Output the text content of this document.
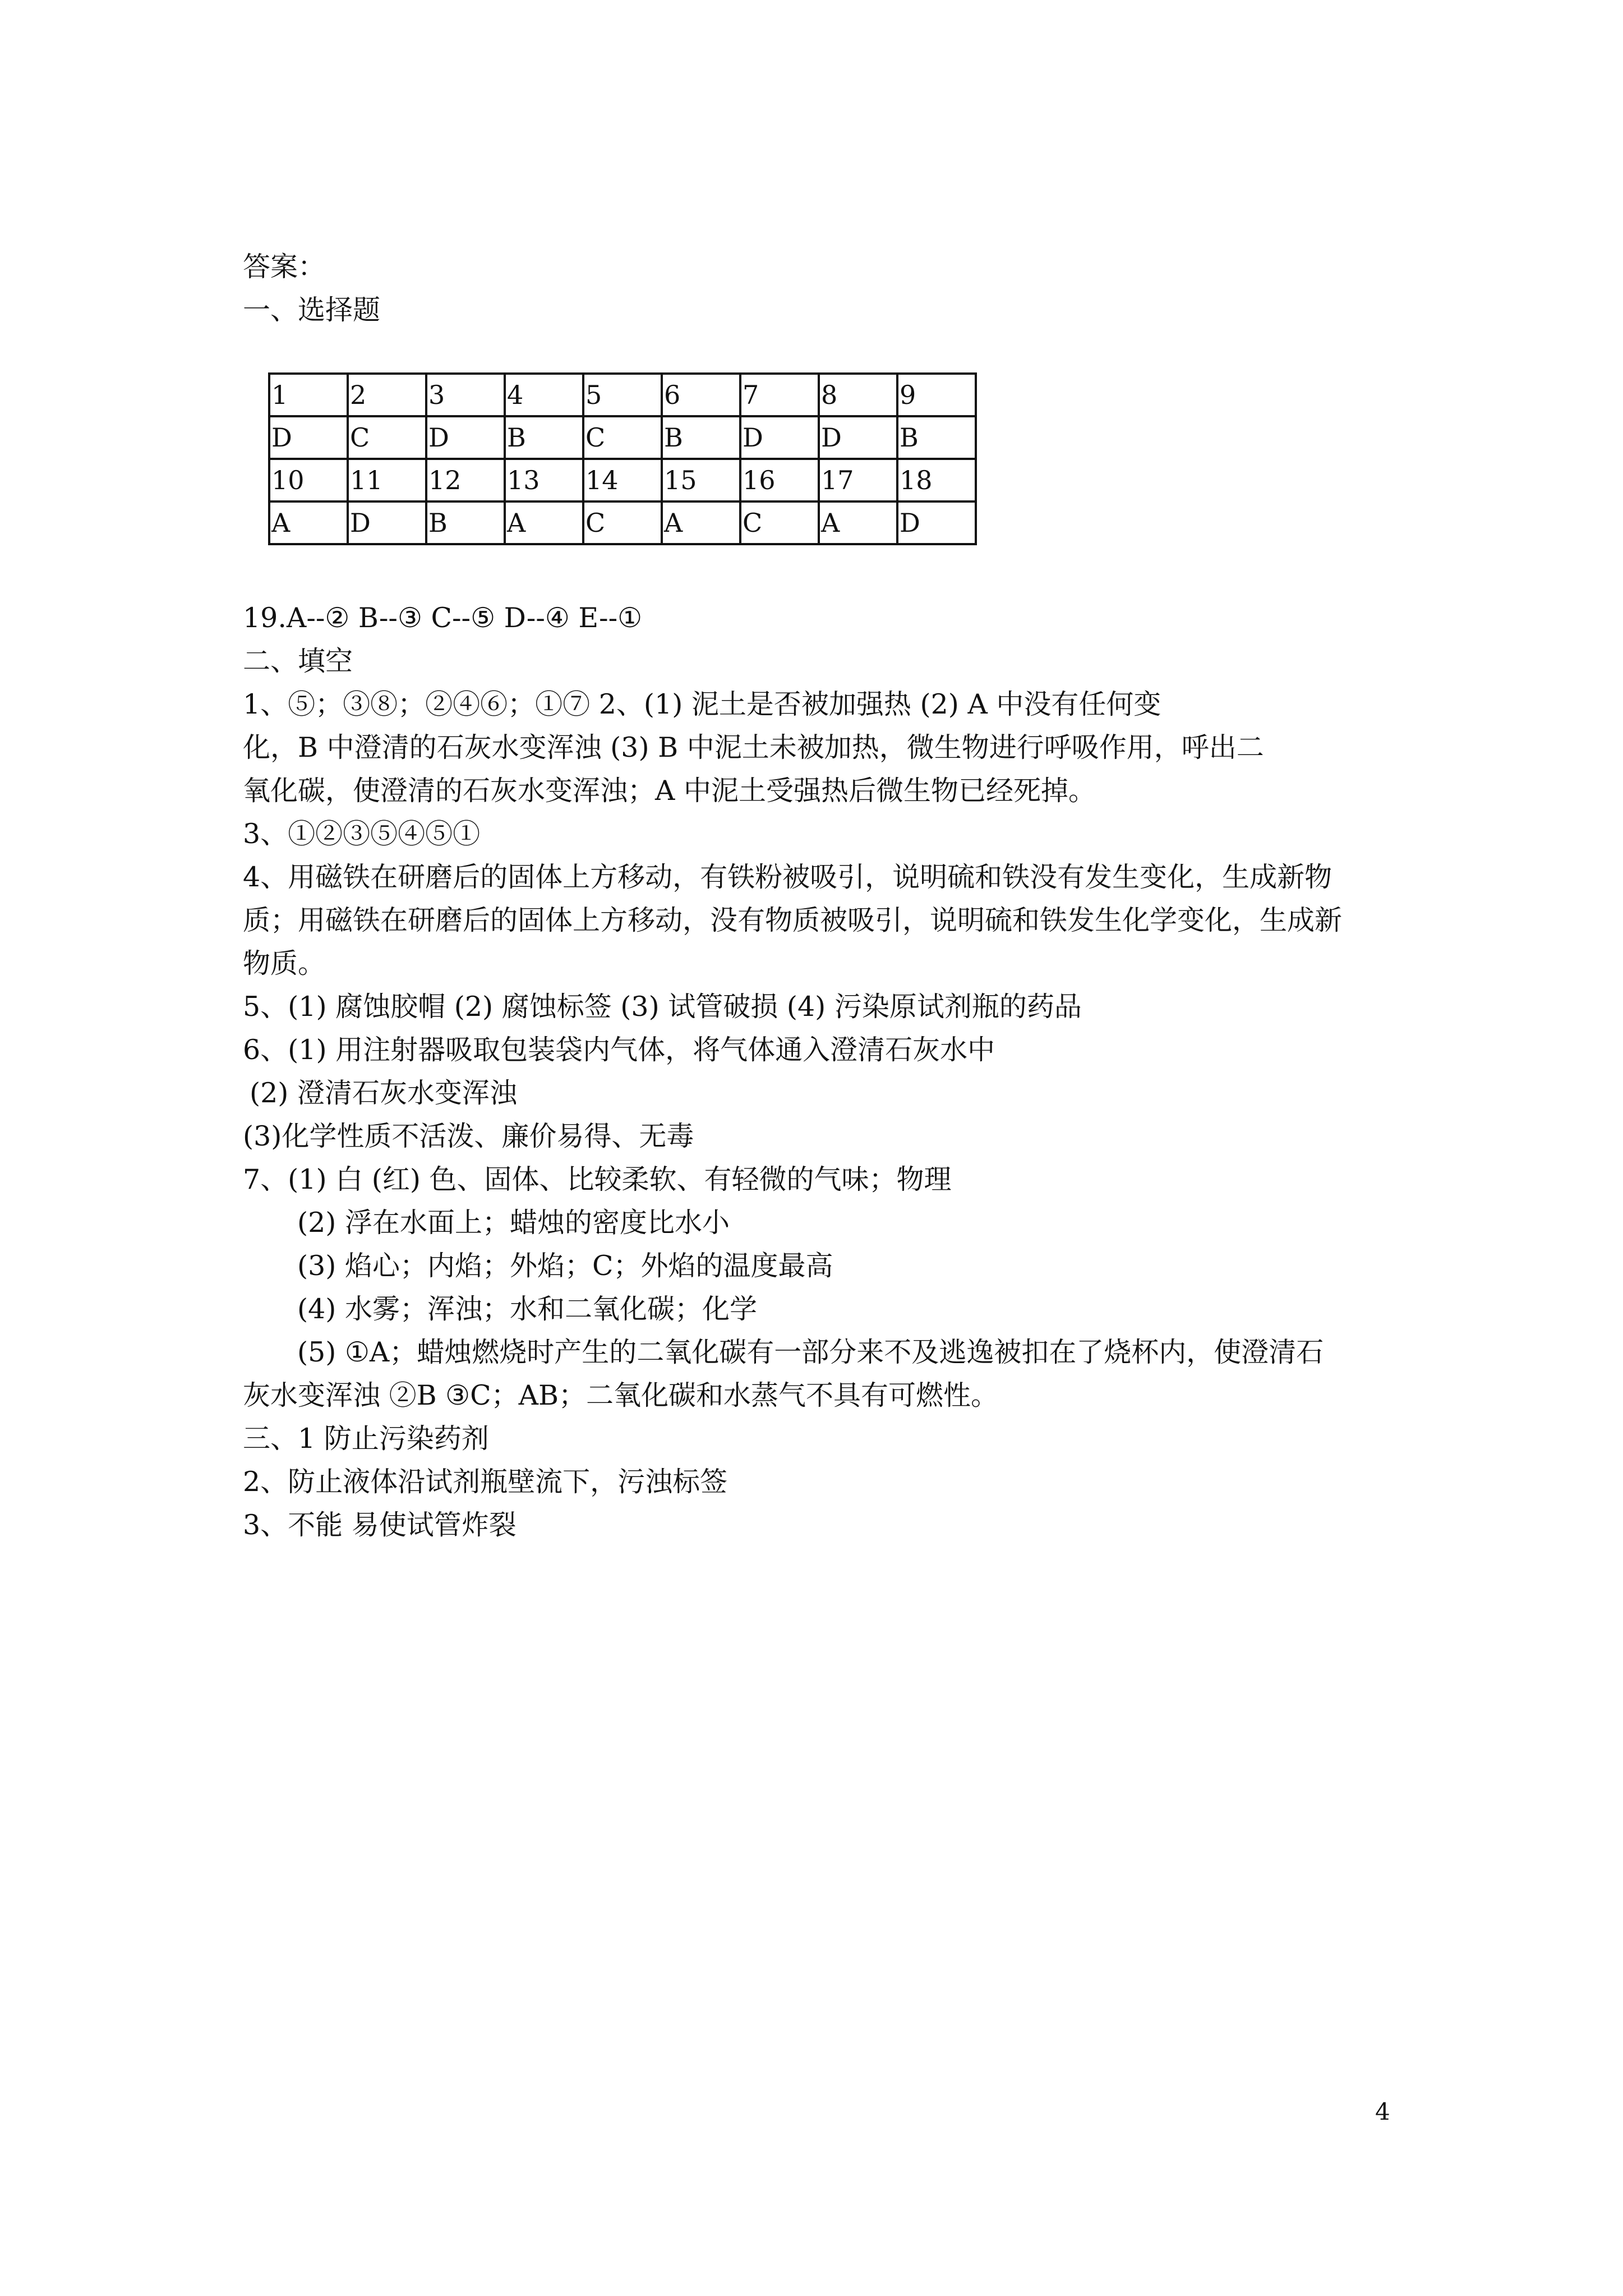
答案：
一、选择题
1	2	3	4	5	6	7	8	9
D	C	D	B	C	B	D	D	B
10	11	12	13	14	15	16	17	18
A	D	B	A	C	A	C	A	D
19.A--② B--③ C--⑤ D--④ E--①
二、填空
1、⑤；③⑧；②④⑥；①⑦ 2、(1) 泥土是否被加强热 (2) A 中没有任何变
化，B 中澄清的石灰水变浑浊 (3) B 中泥土未被加热，微生物进行呼吸作用，呼出二
氧化碳，使澄清的石灰水变浑浊；A 中泥土受强热后微生物已经死掉。
3、①②③⑤④⑤①
4、用磁铁在研磨后的固体上方移动，有铁粉被吸引，说明硫和铁没有发生变化，生成新物
质；用磁铁在研磨后的固体上方移动，没有物质被吸引，说明硫和铁发生化学变化，生成新
物质。
5、(1) 腐蚀胶帽 (2) 腐蚀标签 (3) 试管破损 (4) 污染原试剂瓶的药品
6、(1) 用注射器吸取包装袋内气体，将气体通入澄清石灰水中
(2) 澄清石灰水变浑浊
(3)化学性质不活泼、廉价易得、无毒
7、(1) 白 (红) 色、固体、比较柔软、有轻微的气味；物理
(2) 浮在水面上；蜡烛的密度比水小
(3) 焰心；内焰；外焰；C；外焰的温度最高
(4) 水雾；浑浊；水和二氧化碳；化学
(5) ①A；蜡烛燃烧时产生的二氧化碳有一部分来不及逃逸被扣在了烧杯内，使澄清石
灰水变浑浊 ②B ③C；AB；二氧化碳和水蒸气不具有可燃性。
三、1 防止污染药剂
2、防止液体沿试剂瓶壁流下，污浊标签
3、不能 易使试管炸裂
4
